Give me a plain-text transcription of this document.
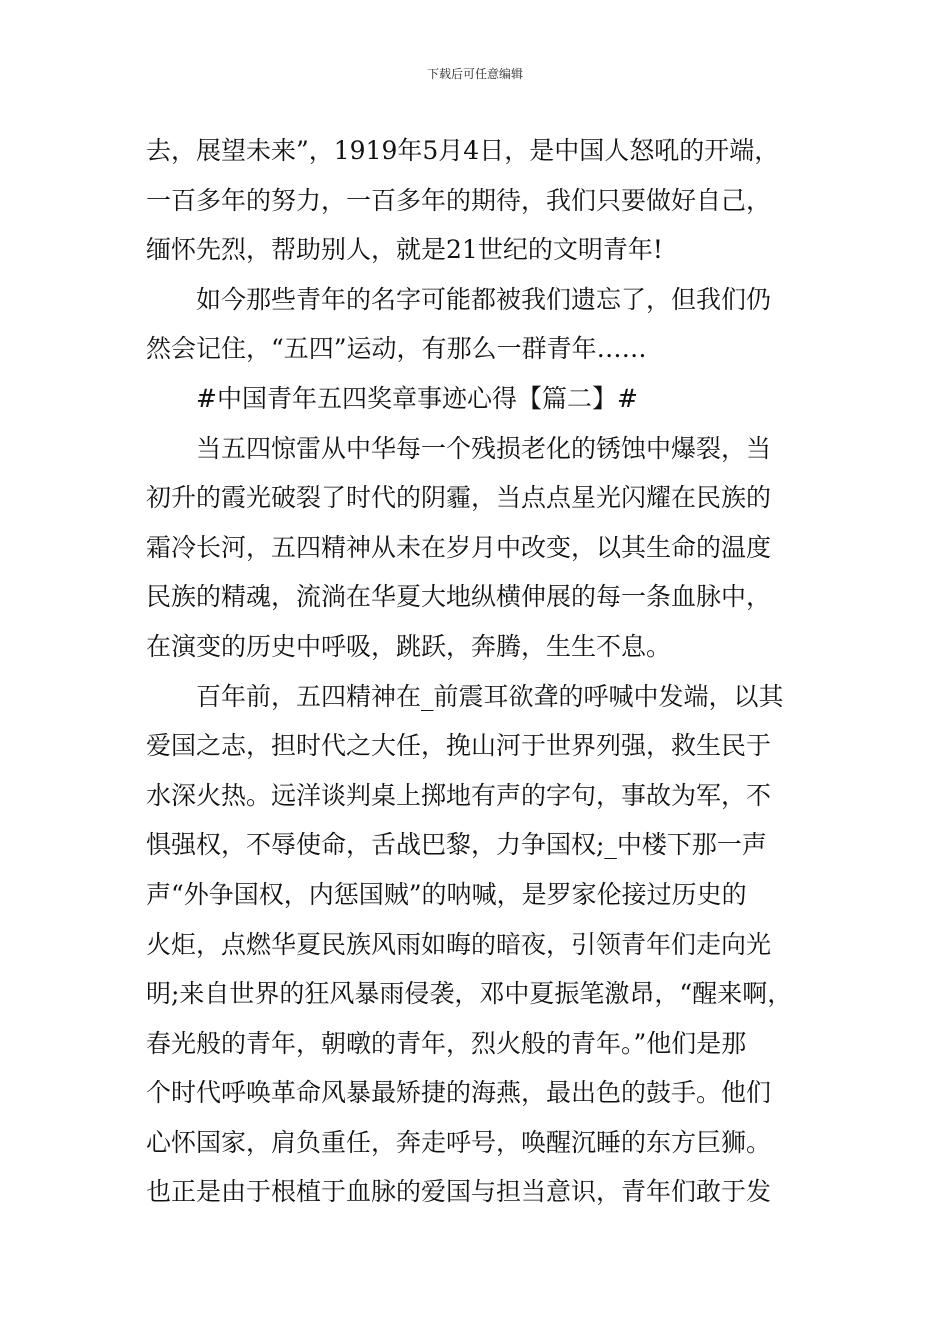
下载后可任意编辑
去，展望未来”，1919年5月4日，是中国人怒吼的开端，
一百多年的努力，一百多年的期待，我们只要做好自己，
缅怀先烈，帮助别人，就是21世纪的文明青年!
如今那些青年的名字可能都被我们遗忘了，但我们仍
然会记住，“五四”运动，有那么一群青年……
#中国青年五四奖章事迹心得【篇二】#
当五四惊雷从中华每一个残损老化的锈蚀中爆裂，当
初升的霞光破裂了时代的阴霾，当点点星光闪耀在民族的
霜冷长河，五四精神从未在岁月中改变，以其生命的温度
民族的精魂，流淌在华夏大地纵横伸展的每一条血脉中，
在演变的历史中呼吸，跳跃，奔腾，生生不息。
百年前，五四精神在_前震耳欲聋的呼喊中发端，以其
爱国之志，担时代之大任，挽山河于世界列强，救生民于
水深火热。远洋谈判桌上掷地有声的字句，事故为军，不
惧强权，不辱使命，舌战巴黎，力争国权;_中楼下那一声
声“外争国权，内惩国贼”的呐喊，是罗家伦接过历史的
火炬，点燃华夏民族风雨如晦的暗夜，引领青年们走向光
明;来自世界的狂风暴雨侵袭，邓中夏振笔激昂，“醒来啊，
春光般的青年，朝暾的青年，烈火般的青年。”他们是那
个时代呼唤革命风暴最矫捷的海燕，最出色的鼓手。他们
心怀国家，肩负重任，奔走呼号，唤醒沉睡的东方巨狮。
也正是由于根植于血脉的爱国与担当意识，青年们敢于发
